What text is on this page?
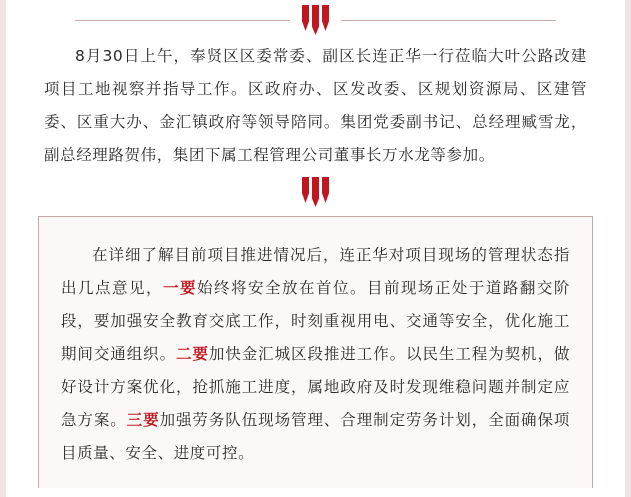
8月30日上午，奉贤区区委常委、副区长连正华一行莅临大叶公路改建项目工地视察并指导工作。区政府办、区发改委、区规划资源局、区建管委、区重大办、金汇镇政府等领导陪同。集团党委副书记、总经理臧雪龙，副总经理路贺伟，集团下属工程管理公司董事长万水龙等参加。

在详细了解目前项目推进情况后，连正华对项目现场的管理状态指出几点意见，一要始终将安全放在首位。目前现场正处于道路翻交阶段，要加强安全教育交底工作，时刻重视用电、交通等安全，优化施工期间交通组织。二要加快金汇城区段推进工作。以民生工程为契机，做好设计方案优化，抢抓施工进度，属地政府及时发现维稳问题并制定应急方案。三要加强劳务队伍现场管理、合理制定劳务计划，全面确保项目质量、安全、进度可控。
